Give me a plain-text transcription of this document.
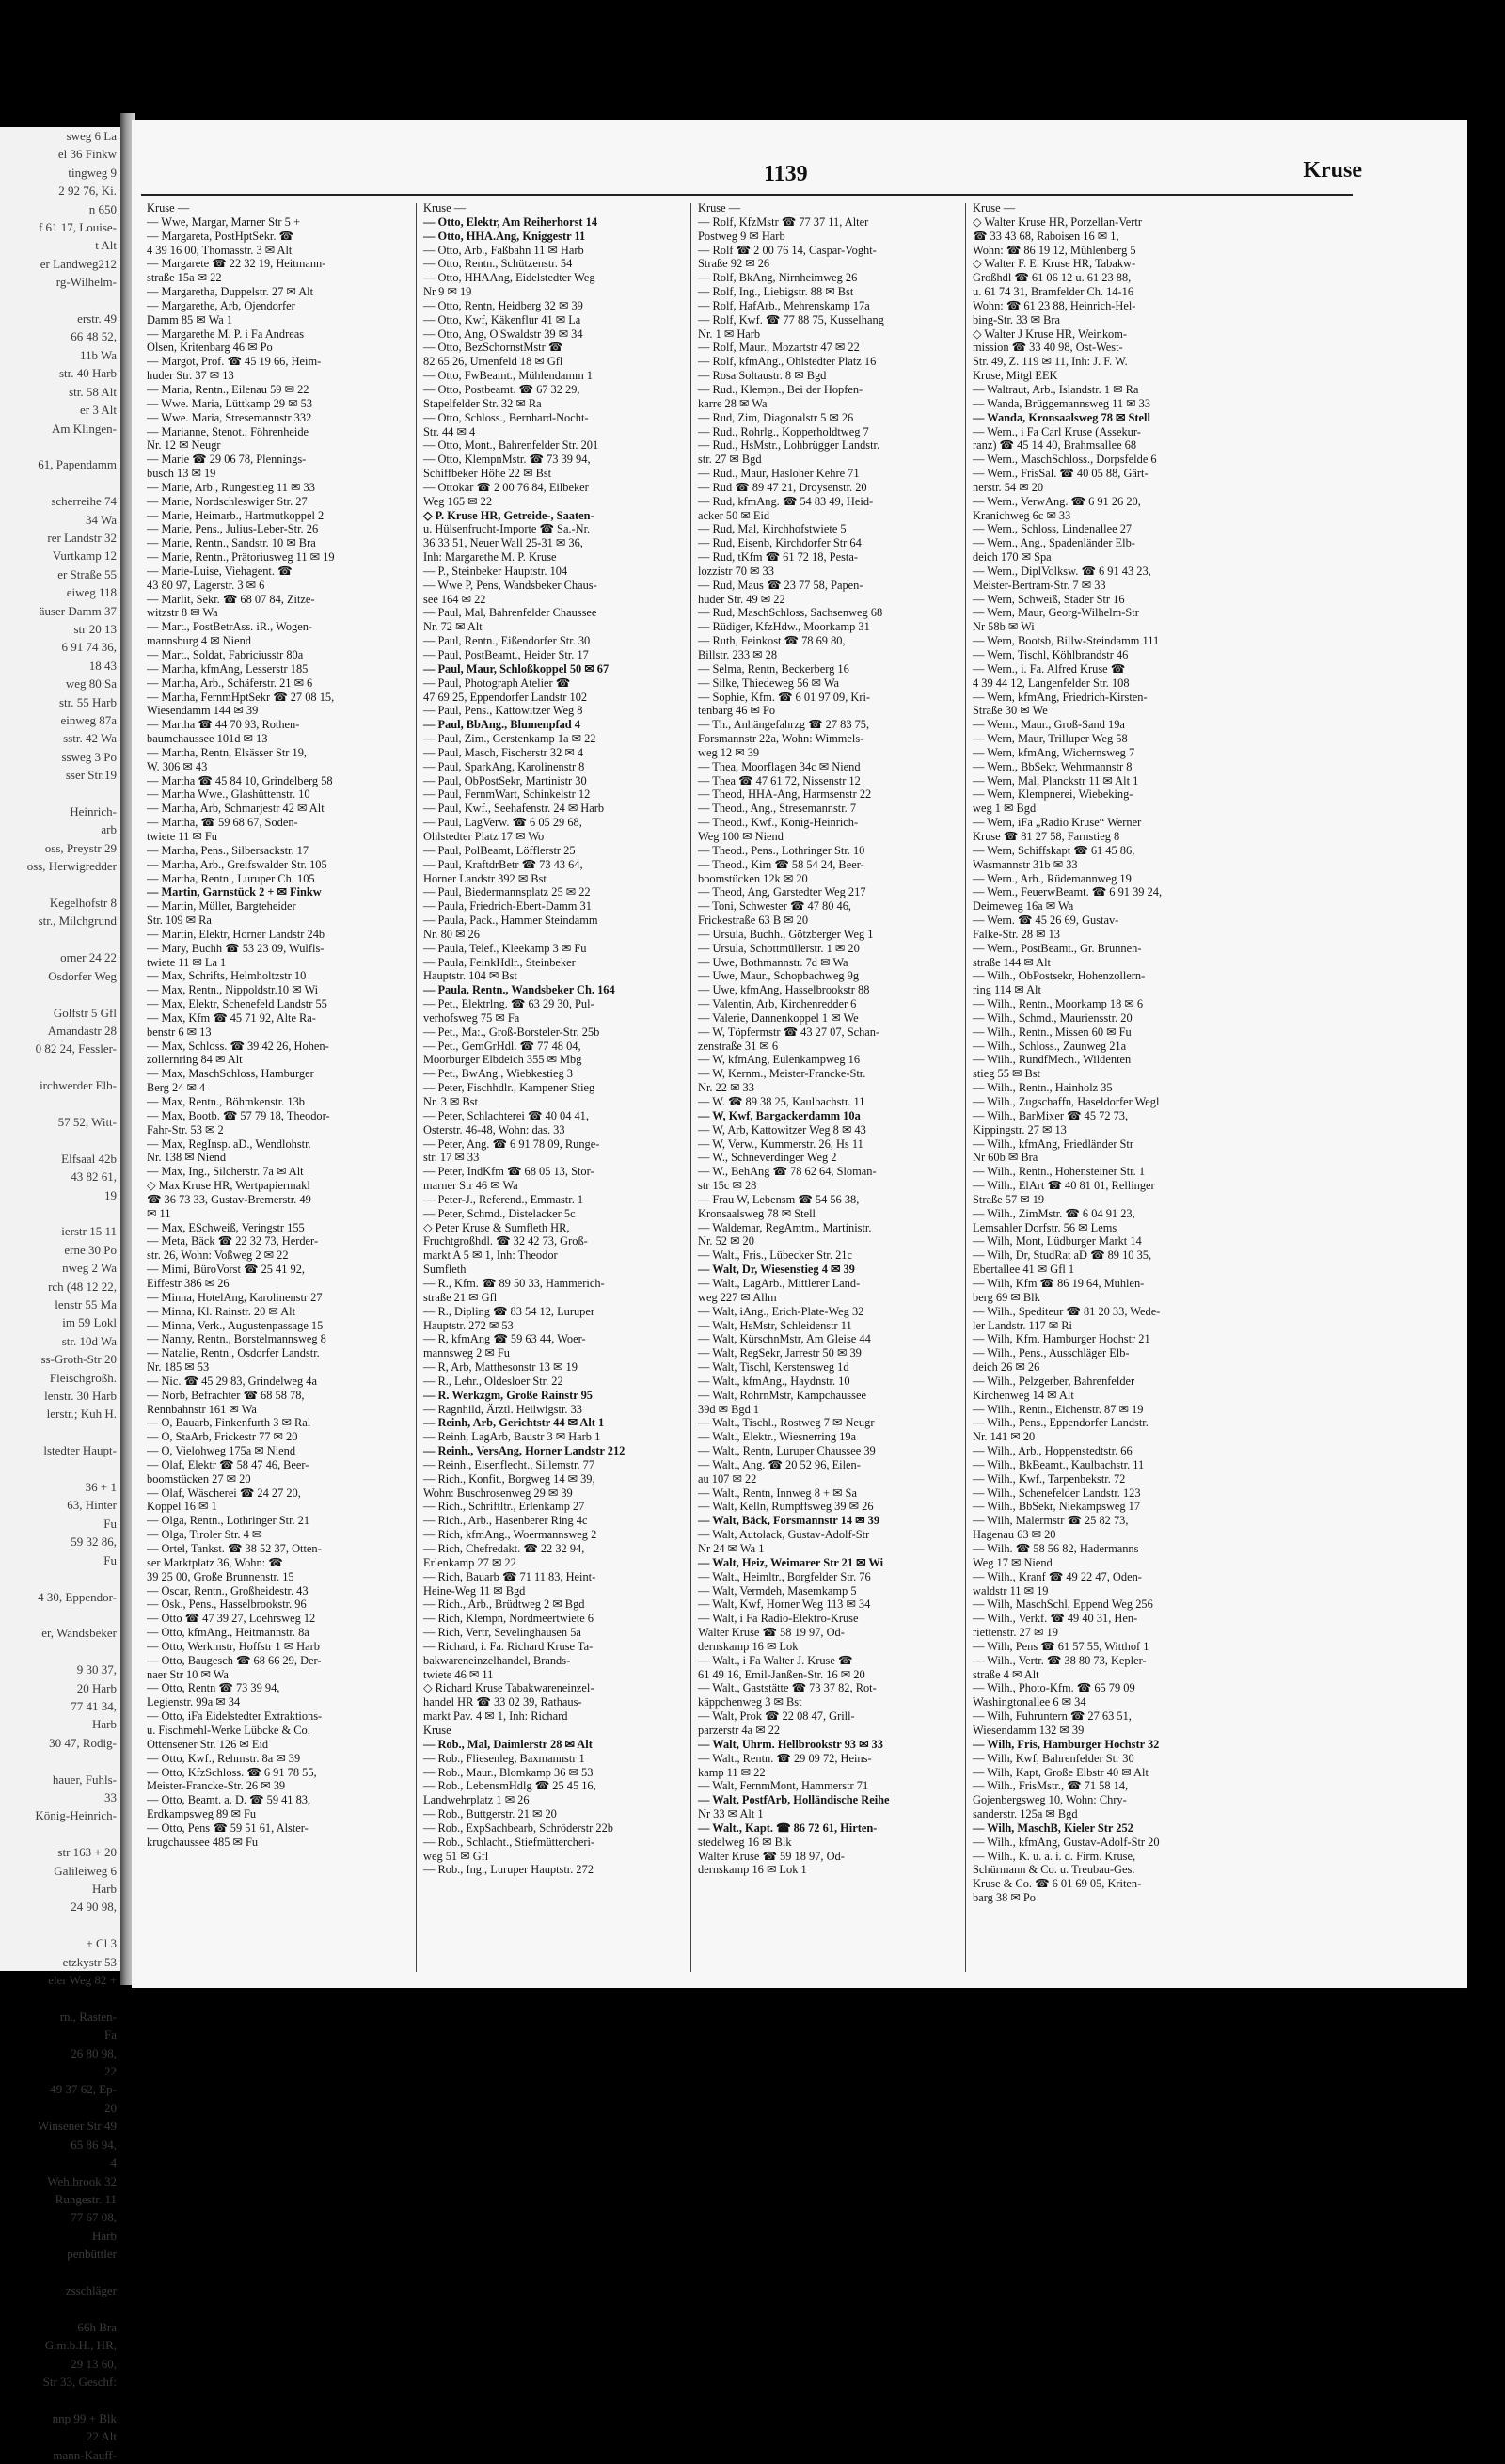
sweg 6 La
el 36 Finkw
tingweg 9
2 92 76, Ki.
n 650
f 61 17, Louise-
t Alt
er Landweg212
rg-Wilhelm-

erstr. 49
66 48 52,
11b Wa
str. 40 Harb
str. 58 Alt
er 3 Alt
Am Klingen-

61, Papendamm

scherreihe 74
34 Wa
rer Landstr 32
Vurtkamp 12
er Straße 55
eiweg 118
äuser Damm 37
str 20 13
6 91 74 36,
18 43
weg 80 Sa
str. 55 Harb
einweg 87a
sstr. 42 Wa
ssweg 3 Po
sser Str.19

Heinrich-
arb
oss, Preystr 29
oss, Herwigredder

Kegelhofstr 8
str., Milchgrund

orner 24 22
Osdorfer Weg

Golfstr 5 Gfl
Amandastr 28
0 82 24, Fessler-

irchwerder Elb-

57 52, Witt-

Elfsaal 42b
43 82 61,
19

ierstr 15 11
erne 30 Po
nweg 2 Wa
rch (48 12 22,
lenstr 55 Ma
im 59 Lokl
str. 10d Wa
ss-Groth-Str 20
Fleischgroßh.
lenstr. 30 Harb
lerstr.; Kuh H.

lstedter Haupt-

36 + 1
63, Hinter
Fu
59 32 86,
Fu

4 30, Eppendor-

er, Wandsbeker

9 30 37,
20 Harb
77 41 34,
Harb
30 47, Rodig-

hauer, Fuhls-
33
König-Heinrich-

str 163 + 20
Galileiweg 6
Harb
24 90 98,

+ Cl 3
etzkystr 53
eler Weg 82 +

rn., Rasten-
Fa
26 80 98,
22
49 37 62, Ep-
20
Winsener Str 49
65 86 94,
4
Wehlbrook 32
Rungestr. 11
77 67 08,
Harb
penbüttler

zsschläger

66h Bra
G.m.b.H., HR,
29 13 60,
Str 33, Geschf:

nnp 99 + Blk
22 Alt
mann-Kauff-
1139	Kruse

Kruse —

— Wwe, Margar, Marner Str 5 +

— Margareta, PostHptSekr. ☎

4 39 16 00, Thomasstr. 3 ✉ Alt

— Margarete ☎ 22 32 19, Heitmann-

straße 15a ✉ 22

— Margaretha, Duppelstr. 27 ✉ Alt

— Margarethe, Arb, Ojendorfer

Damm 85 ✉ Wa 1

— Margarethe M. P. i Fa Andreas

Olsen, Kritenbarg 46 ✉ Po

— Margot, Prof. ☎ 45 19 66, Heim-

huder Str. 37 ✉ 13

— Maria, Rentn., Eilenau 59 ✉ 22

— Wwe. Maria, Lüttkamp 29 ✉ 53

— Wwe. Maria, Stresemannstr 332

— Marianne, Stenot., Föhrenheide

Nr. 12 ✉ Neugr

— Marie ☎ 29 06 78, Plennings-

busch 13 ✉ 19

— Marie, Arb., Rungestieg 11 ✉ 33

— Marie, Nordschleswiger Str. 27

— Marie, Heimarb., Hartmutkoppel 2

— Marie, Pens., Julius-Leber-Str. 26

— Marie, Rentn., Sandstr. 10 ✉ Bra

— Marie, Rentn., Prätoriusweg 11 ✉ 19

— Marie-Luise, Viehagent. ☎

43 80 97, Lagerstr. 3 ✉ 6

— Marlit, Sekr. ☎ 68 07 84, Zitze-

witzstr 8 ✉ Wa

— Mart., PostBetrAss. iR., Wogen-

mannsburg 4 ✉ Niend

— Mart., Soldat, Fabriciusstr 80a

— Martha, kfmAng, Lesserstr 185

— Martha, Arb., Schäferstr. 21 ✉ 6

— Martha, FernmHptSekr ☎ 27 08 15,

Wiesendamm 144 ✉ 39

— Martha ☎ 44 70 93, Rothen-

baumchaussee 101d ✉ 13

— Martha, Rentn, Elsässer Str 19,

W. 306 ✉ 43

— Martha ☎ 45 84 10, Grindelberg 58

— Martha Wwe., Glashüttenstr. 10

— Martha, Arb, Schmarjestr 42 ✉ Alt

— Martha, ☎ 59 68 67, Soden-

twiete 11 ✉ Fu

— Martha, Pens., Silbersackstr. 17

— Martha, Arb., Greifswalder Str. 105

— Martha, Rentn., Luruper Ch. 105

— Martin, Garnstück 2 + ✉ Finkw

— Martin, Müller, Bargteheider

Str. 109 ✉ Ra

— Martin, Elektr, Horner Landstr 24b

— Mary, Buchh ☎ 53 23 09, Wulfls-

twiete 11 ✉ La 1

— Max, Schrifts, Helmholtzstr 10

— Max, Rentn., Nippoldstr.10 ✉ Wi

— Max, Elektr, Schenefeld Landstr 55

— Max, Kfm ☎ 45 71 92, Alte Ra-

benstr 6 ✉ 13

— Max, Schloss. ☎ 39 42 26, Hohen-

zollernring 84 ✉ Alt

— Max, MaschSchloss, Hamburger

Berg 24 ✉ 4

— Max, Rentn., Böhmkenstr. 13b

— Max, Bootb. ☎ 57 79 18, Theodor-

Fahr-Str. 53 ✉ 2

— Max, RegInsp. aD., Wendlohstr.

Nr. 138 ✉ Niend

— Max, Ing., Silcherstr. 7a ✉ Alt

◇ Max Kruse HR, Wertpapiermakl

☎ 36 73 33, Gustav-Bremerstr. 49

✉ 11

— Max, ESchweiß, Veringstr 155

— Meta, Bäck ☎ 22 32 73, Herder-

str. 26, Wohn: Voßweg 2 ✉ 22

— Mimi, BüroVorst ☎ 25 41 92,

Eiffestr 386 ✉ 26

— Minna, HotelAng, Karolinenstr 27

— Minna, Kl. Rainstr. 20 ✉ Alt

— Minna, Verk., Augustenpassage 15

— Nanny, Rentn., Borstelmannsweg 8

— Natalie, Rentn., Osdorfer Landstr.

Nr. 185 ✉ 53

— Nic. ☎ 45 29 83, Grindelweg 4a

— Norb, Befrachter ☎ 68 58 78,

Rennbahnstr 161 ✉ Wa

— O, Bauarb, Finkenfurth 3 ✉ Ral

— O, StaArb, Frickestr 77 ✉ 20

— O, Vielohweg 175a ✉ Niend

— Olaf, Elektr ☎ 58 47 46, Beer-

boomstücken 27 ✉ 20

— Olaf, Wäscherei ☎ 24 27 20,

Koppel 16 ✉ 1

— Olga, Rentn., Lothringer Str. 21

— Olga, Tiroler Str. 4 ✉

— Ortel, Tankst. ☎ 38 52 37, Otten-

ser Marktplatz 36, Wohn: ☎

39 25 00, Große Brunnenstr. 15

— Oscar, Rentn., Großheidestr. 43

— Osk., Pens., Hasselbrookstr. 96

— Otto ☎ 47 39 27, Loehrsweg 12

— Otto, kfmAng., Heitmannstr. 8a

— Otto, Werkmstr, Hoffstr 1 ✉ Harb

— Otto, Baugesch ☎ 68 66 29, Der-

naer Str 10 ✉ Wa

— Otto, Rentn ☎ 73 39 94,

Legienstr. 99a ✉ 34

— Otto, iFa Eidelstedter Extraktions-

u. Fischmehl-Werke Lübcke & Co.

Ottensener Str. 126 ✉ Eid

— Otto, Kwf., Rehmstr. 8a ✉ 39

— Otto, KfzSchloss. ☎ 6 91 78 55,

Meister-Francke-Str. 26 ✉ 39

— Otto, Beamt. a. D. ☎ 59 41 83,

Erdkampsweg 89 ✉ Fu

— Otto, Pens ☎ 59 51 61, Alster-

krugchaussee 485 ✉ Fu

Kruse —

— Otto, Elektr, Am Reiherhorst 14

— Otto, HHA.Ang, Kniggestr 11

— Otto, Arb., Faßbahn 11 ✉ Harb

— Otto, Rentn., Schützenstr. 54

— Otto, HHAAng, Eidelstedter Weg

Nr 9 ✉ 19

— Otto, Rentn, Heidberg 32 ✉ 39

— Otto, Kwf, Käkenflur 41 ✉ La

— Otto, Ang, O'Swaldstr 39 ✉ 34

— Otto, BezSchornstMstr ☎

82 65 26, Urnenfeld 18 ✉ Gfl

— Otto, FwBeamt., Mühlendamm 1

— Otto, Postbeamt. ☎ 67 32 29,

Stapelfelder Str. 32 ✉ Ra

— Otto, Schloss., Bernhard-Nocht-

Str. 44 ✉ 4

— Otto, Mont., Bahrenfelder Str. 201

— Otto, KlempnMstr. ☎ 73 39 94,

Schiffbeker Höhe 22 ✉ Bst

— Ottokar ☎ 2 00 76 84, Eilbeker

Weg 165 ✉ 22

◇ P. Kruse HR, Getreide-, Saaten-

u. Hülsenfrucht-Importe ☎ Sa.-Nr.

36 33 51, Neuer Wall 25-31 ✉ 36,

Inh: Margarethe M. P. Kruse

— P., Steinbeker Hauptstr. 104

— Wwe P, Pens, Wandsbeker Chaus-

see 164 ✉ 22

— Paul, Mal, Bahrenfelder Chaussee

Nr. 72 ✉ Alt

— Paul, Rentn., Eißendorfer Str. 30

— Paul, PostBeamt., Heider Str. 17

— Paul, Maur, Schloßkoppel 50 ✉ 67

— Paul, Photograph Atelier ☎

47 69 25, Eppendorfer Landstr 102

— Paul, Pens., Kattowitzer Weg 8

— Paul, BbAng., Blumenpfad 4

— Paul, Zim., Gerstenkamp 1a ✉ 22

— Paul, Masch, Fischerstr 32 ✉ 4

— Paul, SparkAng, Karolinenstr 8

— Paul, ObPostSekr, Martinistr 30

— Paul, FernmWart, Schinkelstr 12

— Paul, Kwf., Seehafenstr. 24 ✉ Harb

— Paul, LagVerw. ☎ 6 05 29 68,

Ohlstedter Platz 17 ✉ Wo

— Paul, PolBeamt, Löfflerstr 25

— Paul, KraftdrBetr ☎ 73 43 64,

Horner Landstr 392 ✉ Bst

— Paul, Biedermannsplatz 25 ✉ 22

— Paula, Friedrich-Ebert-Damm 31

— Paula, Pack., Hammer Steindamm

Nr. 80 ✉ 26

— Paula, Telef., Kleekamp 3 ✉ Fu

— Paula, FeinkHdlr., Steinbeker

Hauptstr. 104 ✉ Bst

— Paula, Rentn., Wandsbeker Ch. 164

— Pet., Elektrlng. ☎ 63 29 30, Pul-

verhofsweg 75 ✉ Fa

— Pet., Ma:., Groß-Borsteler-Str. 25b

— Pet., GemGrHdl. ☎ 77 48 04,

Moorburger Elbdeich 355 ✉ Mbg

— Pet., BwAng., Wiebkestieg 3

— Peter, Fischhdlr., Kampener Stieg

Nr. 3 ✉ Bst

— Peter, Schlachterei ☎ 40 04 41,

Osterstr. 46-48, Wohn: das. 33

— Peter, Ang. ☎ 6 91 78 09, Runge-

str. 17 ✉ 33

— Peter, IndKfm ☎ 68 05 13, Stor-

marner Str 46 ✉ Wa

— Peter-J., Referend., Emmastr. 1

— Peter, Schmd., Distelacker 5c

◇ Peter Kruse & Sumfleth HR,

Fruchtgroßhdl. ☎ 32 42 73, Groß-

markt A 5 ✉ 1, Inh: Theodor

Sumfleth

— R., Kfm. ☎ 89 50 33, Hammerich-

straße 21 ✉ Gfl

— R., Dipling ☎ 83 54 12, Luruper

Hauptstr. 272 ✉ 53

— R, kfmAng ☎ 59 63 44, Woer-

mannsweg 2 ✉ Fu

— R, Arb, Matthesonstr 13 ✉ 19

— R., Lehr., Oldesloer Str. 22

— R. Werkzgm, Große Rainstr 95

— Ragnhild, Ärztl. Heilwigstr. 33

— Reinh, Arb, Gerichtstr 44 ✉ Alt 1

— Reinh, LagArb, Baustr 3 ✉ Harb 1

— Reinh., VersAng, Horner Landstr 212

— Reinh., Eisenflecht., Sillemstr. 77

— Rich., Konfit., Borgweg 14 ✉ 39,

Wohn: Buschrosenweg 29 ✉ 39

— Rich., Schriftltr., Erlenkamp 27

— Rich., Arb., Hasenberer Ring 4c

— Rich, kfmAng., Woermannsweg 2

— Rich, Chefredakt. ☎ 22 32 94,

Erlenkamp 27 ✉ 22

— Rich, Bauarb ☎ 71 11 83, Heint-

Heine-Weg 11 ✉ Bgd

— Rich., Arb., Brüdtweg 2 ✉ Bgd

— Rich, Klempn, Nordmeertwiete 6

— Rich, Vertr, Sevelinghausen 5a

— Richard, i. Fa. Richard Kruse Ta-

bakwareneinzelhandel, Brands-

twiete 46 ✉ 11

◇ Richard Kruse Tabakwareneinzel-

handel HR ☎ 33 02 39, Rathaus-

markt Pav. 4 ✉ 1, Inh: Richard

Kruse

— Rob., Mal, Daimlerstr 28 ✉ Alt

— Rob., Fliesenleg, Baxmannstr 1

— Rob., Maur., Blomkamp 36 ✉ 53

— Rob., LebensmHdlg ☎ 25 45 16,

Landwehrplatz 1 ✉ 26

— Rob., Buttgerstr. 21 ✉ 20

— Rob., ExpSachbearb, Schröderstr 22b

— Rob., Schlacht., Stiefmüttercheri-

weg 51 ✉ Gfl

— Rob., Ing., Luruper Hauptstr. 272

Kruse —

— Rolf, KfzMstr ☎ 77 37 11, Alter

Postweg 9 ✉ Harb

— Rolf ☎ 2 00 76 14, Caspar-Voght-

Straße 92 ✉ 26

— Rolf, BkAng, Nirnheimweg 26

— Rolf, Ing., Liebigstr. 88 ✉ Bst

— Rolf, HafArb., Mehrenskamp 17a

— Rolf, Kwf. ☎ 77 88 75, Kusselhang

Nr. 1 ✉ Harb

— Rolf, Maur., Mozartstr 47 ✉ 22

— Rolf, kfmAng., Ohlstedter Platz 16

— Rosa Soltaustr. 8 ✉ Bgd

— Rud., Klempn., Bei der Hopfen-

karre 28 ✉ Wa

— Rud, Zim, Diagonalstr 5 ✉ 26

— Rud., Rohrlg., Kopperholdtweg 7

— Rud., HsMstr., Lohbrügger Landstr.

str. 27 ✉ Bgd

— Rud., Maur, Hasloher Kehre 71

— Rud ☎ 89 47 21, Droysenstr. 20

— Rud, kfmAng. ☎ 54 83 49, Heid-

acker 50 ✉ Eid

— Rud, Mal, Kirchhofstwiete 5

— Rud, Eisenb, Kirchdorfer Str 64

— Rud, tKfm ☎ 61 72 18, Pesta-

lozzistr 70 ✉ 33

— Rud, Maus ☎ 23 77 58, Papen-

huder Str. 49 ✉ 22

— Rud, MaschSchloss, Sachsenweg 68

— Rüdiger, KfzHdw., Moorkamp 31

— Ruth, Feinkost ☎ 78 69 80,

Billstr. 233 ✉ 28

— Selma, Rentn, Beckerberg 16

— Silke, Thiedeweg 56 ✉ Wa

— Sophie, Kfm. ☎ 6 01 97 09, Kri-

tenbarg 46 ✉ Po

— Th., Anhängefahrzg ☎ 27 83 75,

Forsmannstr 22a, Wohn: Wimmels-

weg 12 ✉ 39

— Thea, Moorflagen 34c ✉ Niend

— Thea ☎ 47 61 72, Nissenstr 12

— Theod, HHA-Ang, Harmsenstr 22

— Theod., Ang., Stresemannstr. 7

— Theod., Kwf., König-Heinrich-

Weg 100 ✉ Niend

— Theod., Pens., Lothringer Str. 10

— Theod., Kim ☎ 58 54 24, Beer-

boomstücken 12k ✉ 20

— Theod, Ang, Garstedter Weg 217

— Toni, Schwester ☎ 47 80 46,

Frickestraße 63 B ✉ 20

— Ursula, Buchh., Götzberger Weg 1

— Ursula, Schottmüllerstr. 1 ✉ 20

— Uwe, Bothmannstr. 7d ✉ Wa

— Uwe, Maur., Schopbachweg 9g

— Uwe, kfmAng, Hasselbrookstr 88

— Valentin, Arb, Kirchenredder 6

— Valerie, Dannenkoppel 1 ✉ We

— W, Töpfermstr ☎ 43 27 07, Schan-

zenstraße 31 ✉ 6

— W, kfmAng, Eulenkampweg 16

— W, Kernm., Meister-Francke-Str.

Nr. 22 ✉ 33

— W. ☎ 89 38 25, Kaulbachstr. 11

— W, Kwf, Bargackerdamm 10a

— W, Arb, Kattowitzer Weg 8 ✉ 43

— W, Verw., Kummerstr. 26, Hs 11

— W., Schneverdinger Weg 2

— W., BehAng ☎ 78 62 64, Sloman-

str 15c ✉ 28

— Frau W, Lebensm ☎ 54 56 38,

Kronsaalsweg 78 ✉ Stell

— Waldemar, RegAmtm., Martinistr.

Nr. 52 ✉ 20

— Walt., Fris., Lübecker Str. 21c

— Walt, Dr, Wiesenstieg 4 ✉ 39

— Walt., LagArb., Mittlerer Land-

weg 227 ✉ Allm

— Walt, iAng., Erich-Plate-Weg 32

— Walt, HsMstr, Schleidenstr 11

— Walt, KürschnMstr, Am Gleise 44

— Walt, RegSekr, Jarrestr 50 ✉ 39

— Walt, Tischl, Kerstensweg 1d

— Walt., kfmAng., Haydnstr. 10

— Walt, RohrnMstr, Kampchaussee

39d ✉ Bgd 1

— Walt., Tischl., Rostweg 7 ✉ Neugr

— Walt., Elektr., Wiesnerring 19a

— Walt., Rentn, Luruper Chaussee 39

— Walt., Ang. ☎ 20 52 96, Eilen-

au 107 ✉ 22

— Walt., Rentn, Innweg 8 + ✉ Sa

— Walt, Kelln, Rumpffsweg 39 ✉ 26

— Walt, Bäck, Forsmannstr 14 ✉ 39

— Walt, Autolack, Gustav-Adolf-Str

Nr 24 ✉ Wa 1

— Walt, Heiz, Weimarer Str 21 ✉ Wi

— Walt., Heimltr., Borgfelder Str. 76

— Walt, Vermdeh, Masemkamp 5

— Walt, Kwf, Horner Weg 113 ✉ 34

— Walt, i Fa Radio-Elektro-Kruse

Walter Kruse ☎ 58 19 97, Od-

dernskamp 16 ✉ Lok

— Walt., i Fa Walter J. Kruse ☎

61 49 16, Emil-Janßen-Str. 16 ✉ 20

— Walt., Gaststätte ☎ 73 37 82, Rot-

käppchenweg 3 ✉ Bst

— Walt, Prok ☎ 22 08 47, Grill-

parzerstr 4a ✉ 22

— Walt, Uhrm. Hellbrookstr 93 ✉ 33

— Walt., Rentn. ☎ 29 09 72, Heins-

kamp 11 ✉ 22

— Walt, FernmMont, Hammerstr 71

— Walt, PostfArb, Holländische Reihe

Nr 33 ✉ Alt 1

— Walt., Kapt. ☎ 86 72 61, Hirten-

stedelweg 16 ✉ Blk

Walter Kruse ☎ 59 18 97, Od-

dernskamp 16 ✉ Lok 1

Kruse —

◇ Walter Kruse HR, Porzellan-Vertr

☎ 33 43 68, Raboisen 16 ✉ 1,

Wohn: ☎ 86 19 12, Mühlenberg 5

◇ Walter F. E. Kruse HR, Tabakw-

Großhdl ☎ 61 06 12 u. 61 23 88,

u. 61 74 31, Bramfelder Ch. 14-16

Wohn: ☎ 61 23 88, Heinrich-Hel-

bing-Str. 33 ✉ Bra

◇ Walter J Kruse HR, Weinkom-

mission ☎ 33 40 98, Ost-West-

Str. 49, Z. 119 ✉ 11, Inh: J. F. W.

Kruse, Mitgl EEK

— Waltraut, Arb., Islandstr. 1 ✉ Ra

— Wanda, Brüggemannsweg 11 ✉ 33

— Wanda, Kronsaalsweg 78 ✉ Stell

— Wern., i Fa Carl Kruse (Assekur-

ranz) ☎ 45 14 40, Brahmsallee 68

— Wern., MaschSchloss., Dorpsfelde 6

— Wern., FrisSal. ☎ 40 05 88, Gärt-

nerstr. 54 ✉ 20

— Wern., VerwAng. ☎ 6 91 26 20,

Kranichweg 6c ✉ 33

— Wern., Schloss, Lindenallee 27

— Wern., Ang., Spadenländer Elb-

deich 170 ✉ Spa

— Wern., DiplVolksw. ☎ 6 91 43 23,

Meister-Bertram-Str. 7 ✉ 33

— Wern, Schweiß, Stader Str 16

— Wern, Maur, Georg-Wilhelm-Str

Nr 58b ✉ Wi

— Wern, Bootsb, Billw-Steindamm 111

— Wern, Tischl, Köhlbrandstr 46

— Wern., i. Fa. Alfred Kruse ☎

4 39 44 12, Langenfelder Str. 108

— Wern, kfmAng, Friedrich-Kirsten-

Straße 30 ✉ We

— Wern., Maur., Groß-Sand 19a

— Wern, Maur, Trilluper Weg 58

— Wern, kfmAng, Wichernsweg 7

— Wern., BbSekr, Wehrmannstr 8

— Wern, Mal, Planckstr 11 ✉ Alt 1

— Wern, Klempnerei, Wiebeking-

weg 1 ✉ Bgd

— Wern, iFa „Radio Kruse“ Werner

Kruse ☎ 81 27 58, Farnstieg 8

— Wern, Schiffskapt ☎ 61 45 86,

Wasmannstr 31b ✉ 33

— Wern., Arb., Rüdemannweg 19

— Wern., FeuerwBeamt. ☎ 6 91 39 24,

Deimeweg 16a ✉ Wa

— Wern. ☎ 45 26 69, Gustav-

Falke-Str. 28 ✉ 13

— Wern., PostBeamt., Gr. Brunnen-

straße 144 ✉ Alt

— Wilh., ObPostsekr, Hohenzollern-

ring 114 ✉ Alt

— Wilh., Rentn., Moorkamp 18 ✉ 6

— Wilh., Schmd., Mauriensstr. 20

— Wilh., Rentn., Missen 60 ✉ Fu

— Wilh., Schloss., Zaunweg 21a

— Wilh., RundfMech., Wildenten

stieg 55 ✉ Bst

— Wilh., Rentn., Hainholz 35

— Wilh., Zugschaffn, Haseldorfer Wegl

— Wilh., BarMixer ☎ 45 72 73,

Kippingstr. 27 ✉ 13

— Wilh., kfmAng, Friedländer Str

Nr 60b ✉ Bra

— Wilh., Rentn., Hohensteiner Str. 1

— Wilh., ElArt ☎ 40 81 01, Rellinger

Straße 57 ✉ 19

— Wilh., ZimMstr. ☎ 6 04 91 23,

Lemsahler Dorfstr. 56 ✉ Lems

— Wilh, Mont, Lüdburger Markt 14

— Wilh, Dr, StudRat aD ☎ 89 10 35,

Ebertallee 41 ✉ Gfl 1

— Wilh, Kfm ☎ 86 19 64, Mühlen-

berg 69 ✉ Blk

— Wilh., Spediteur ☎ 81 20 33, Wede-

ler Landstr. 117 ✉ Ri

— Wilh, Kfm, Hamburger Hochstr 21

— Wilh., Pens., Ausschläger Elb-

deich 26 ✉ 26

— Wilh., Pelzgerber, Bahrenfelder

Kirchenweg 14 ✉ Alt

— Wilh., Rentn., Eichenstr. 87 ✉ 19

— Wilh., Pens., Eppendorfer Landstr.

Nr. 141 ✉ 20

— Wilh., Arb., Hoppenstedtstr. 66

— Wilh., BkBeamt., Kaulbachstr. 11

— Wilh., Kwf., Tarpenbekstr. 72

— Wilh., Schenefelder Landstr. 123

— Wilh., BbSekr, Niekampsweg 17

— Wilh, Malermstr ☎ 25 82 73,

Hagenau 63 ✉ 20

— Wilh. ☎ 58 56 82, Hadermanns

Weg 17 ✉ Niend

— Wilh., Kranf ☎ 49 22 47, Oden-

waldstr 11 ✉ 19

— Wilh, MaschSchl, Eppend Weg 256

— Wilh., Verkf. ☎ 49 40 31, Hen-

riettenstr. 27 ✉ 19

— Wilh, Pens ☎ 61 57 55, Witthof 1

— Wilh., Vertr. ☎ 38 80 73, Kepler-

straße 4 ✉ Alt

— Wilh., Photo-Kfm. ☎ 65 79 09

Washingtonallee 6 ✉ 34

— Wilh, Fuhruntern ☎ 27 63 51,

Wiesendamm 132 ✉ 39

— Wilh, Fris, Hamburger Hochstr 32

— Wilh, Kwf, Bahrenfelder Str 30

— Wilh, Kapt, Große Elbstr 40 ✉ Alt

— Wilh., FrisMstr., ☎ 71 58 14,

Gojenbergsweg 10, Wohn: Chry-

sanderstr. 125a ✉ Bgd

— Wilh, MaschB, Kieler Str 252

— Wilh., kfmAng, Gustav-Adolf-Str 20

— Wilh., K. u. a. i. d. Firm. Kruse,

Schürmann & Co. u. Treubau-Ges.

Kruse & Co. ☎ 6 01 69 05, Kriten-

barg 38 ✉ Po
